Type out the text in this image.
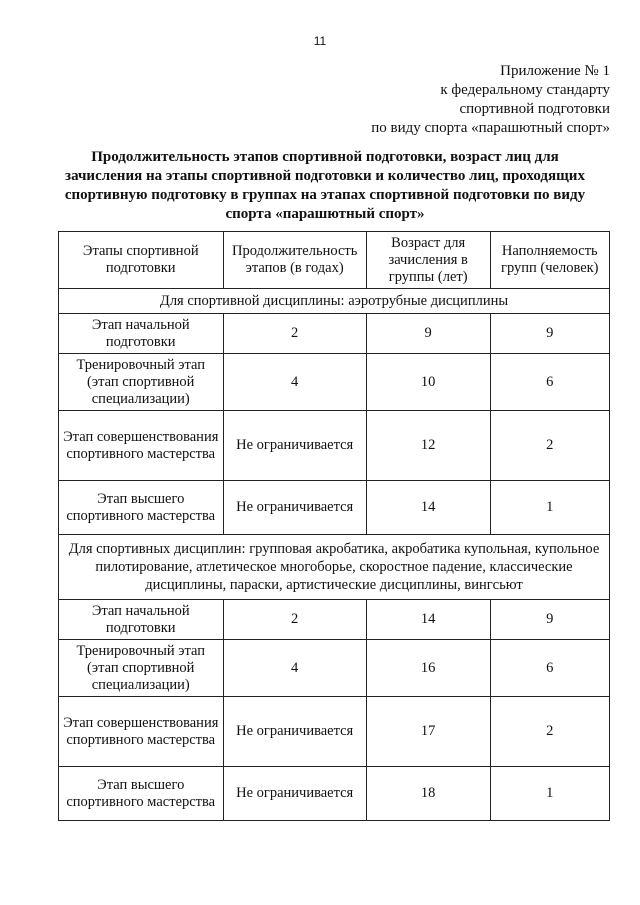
11
Приложение № 1
к федеральному стандарту
спортивной подготовки
по виду спорта «парашютный спорт»
Продолжительность этапов спортивной подготовки, возраст лиц для зачисления на этапы спортивной подготовки и количество лиц, проходящих спортивную подготовку в группах на этапах спортивной подготовки по виду спорта «парашютный спорт»
Этапы спортивной подготовки	Продолжительность этапов (в годах)	Возраст для зачисления в группы (лет)	Наполняемость групп (человек)
Для спортивной дисциплины: аэротрубные дисциплины			
Этап начальной подготовки	2	9	9
Тренировочный этап (этап спортивной специализации)	4	10	6
Этап совершенствования спортивного мастерства	Не ограничивается	12	2
Этап высшего спортивного мастерства	Не ограничивается	14	1
Для спортивных дисциплин: групповая акробатика, акробатика купольная, купольное пилотирование, атлетическое многоборье, скоростное падение, классические дисциплины, параски, артистические дисциплины, вингсьют			
Этап начальной подготовки	2	14	9
Тренировочный этап (этап спортивной специализации)	4	16	6
Этап совершенствования спортивного мастерства	Не ограничивается	17	2
Этап высшего спортивного мастерства	Не ограничивается	18	1
